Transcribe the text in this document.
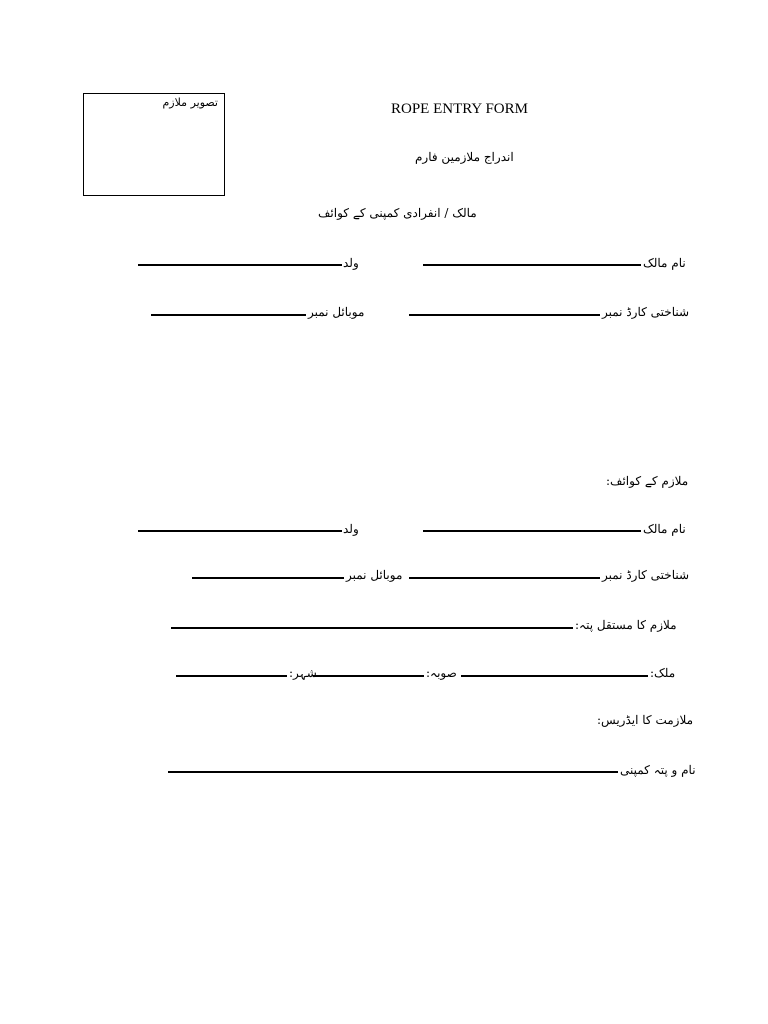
تصویر ملازم	ROPE ENTRY FORM
اندراج ملازمین فارم
مالک / انفرادی کمپنی کے کوائف
نام مالک
ولد
شناختی کارڈ نمبر
موبائل نمبر
ملازم کے کوائف:
نام مالک
ولد
شناختی کارڈ نمبر
موبائل نمبر
ملازم کا مستقل پتہ:
ملک:
صوبہ:
شہر:
ملازمت کا ایڈریس:
نام و پتہ کمپنی
